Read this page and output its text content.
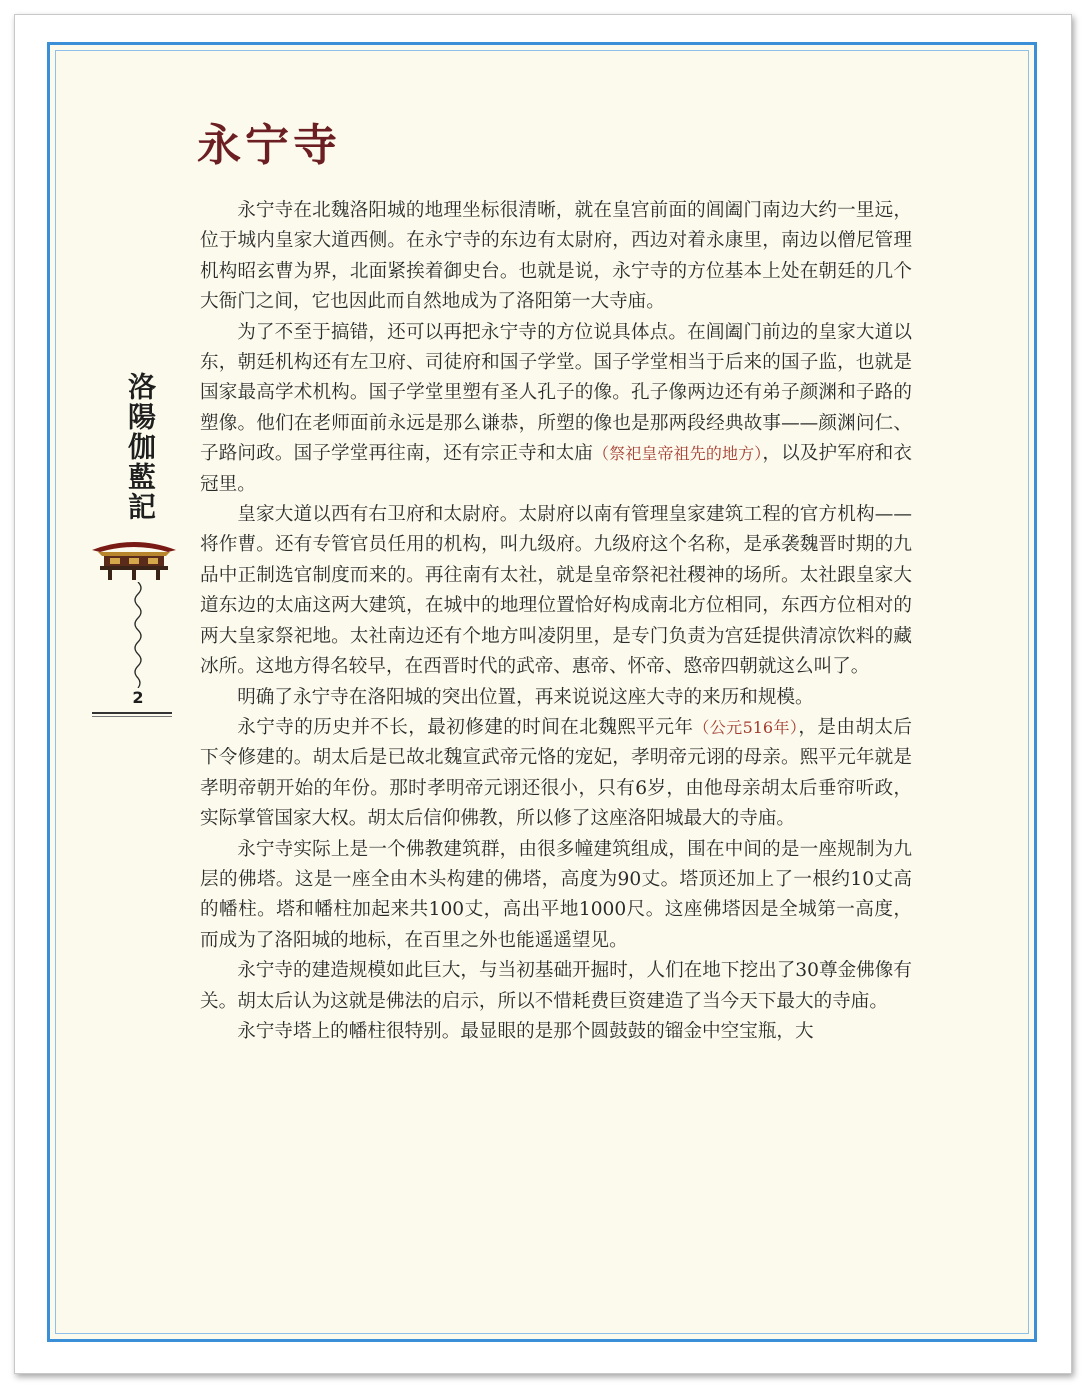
永宁寺
洛陽伽藍記
2

永宁寺在北魏洛阳城的地理坐标很清晰，就在皇宫前面的阊阖门南边大约一里远，位于城内皇家大道西侧。在永宁寺的东边有太尉府，西边对着永康里，南边以僧尼管理机构昭玄曹为界，北面紧挨着御史台。也就是说，永宁寺的方位基本上处在朝廷的几个大衙门之间，它也因此而自然地成为了洛阳第一大寺庙。

为了不至于搞错，还可以再把永宁寺的方位说具体点。在阊阖门前边的皇家大道以东，朝廷机构还有左卫府、司徒府和国子学堂。国子学堂相当于后来的国子监，也就是国家最高学术机构。国子学堂里塑有圣人孔子的像。孔子像两边还有弟子颜渊和子路的塑像。他们在老师面前永远是那么谦恭，所塑的像也是那两段经典故事——颜渊问仁、子路问政。国子学堂再往南，还有宗正寺和太庙（祭祀皇帝祖先的地方），以及护军府和衣冠里。

皇家大道以西有右卫府和太尉府。太尉府以南有管理皇家建筑工程的官方机构——将作曹。还有专管官员任用的机构，叫九级府。九级府这个名称，是承袭魏晋时期的九品中正制选官制度而来的。再往南有太社，就是皇帝祭祀社稷神的场所。太社跟皇家大道东边的太庙这两大建筑，在城中的地理位置恰好构成南北方位相同，东西方位相对的两大皇家祭祀地。太社南边还有个地方叫凌阴里，是专门负责为宫廷提供清凉饮料的藏冰所。这地方得名较早，在西晋时代的武帝、惠帝、怀帝、愍帝四朝就这么叫了。

明确了永宁寺在洛阳城的突出位置，再来说说这座大寺的来历和规模。

永宁寺的历史并不长，最初修建的时间在北魏熙平元年（公元516年），是由胡太后下令修建的。胡太后是已故北魏宣武帝元恪的宠妃，孝明帝元诩的母亲。熙平元年就是孝明帝朝开始的年份。那时孝明帝元诩还很小，只有6岁，由他母亲胡太后垂帘听政，实际掌管国家大权。胡太后信仰佛教，所以修了这座洛阳城最大的寺庙。

永宁寺实际上是一个佛教建筑群，由很多幢建筑组成，围在中间的是一座规制为九层的佛塔。这是一座全由木头构建的佛塔，高度为90丈。塔顶还加上了一根约10丈高的幡柱。塔和幡柱加起来共100丈，高出平地1000尺。这座佛塔因是全城第一高度，而成为了洛阳城的地标，在百里之外也能遥遥望见。

永宁寺的建造规模如此巨大，与当初基础开掘时，人们在地下挖出了30尊金佛像有关。胡太后认为这就是佛法的启示，所以不惜耗费巨资建造了当今天下最大的寺庙。

永宁寺塔上的幡柱很特别。最显眼的是那个圆鼓鼓的镏金中空宝瓶，大
